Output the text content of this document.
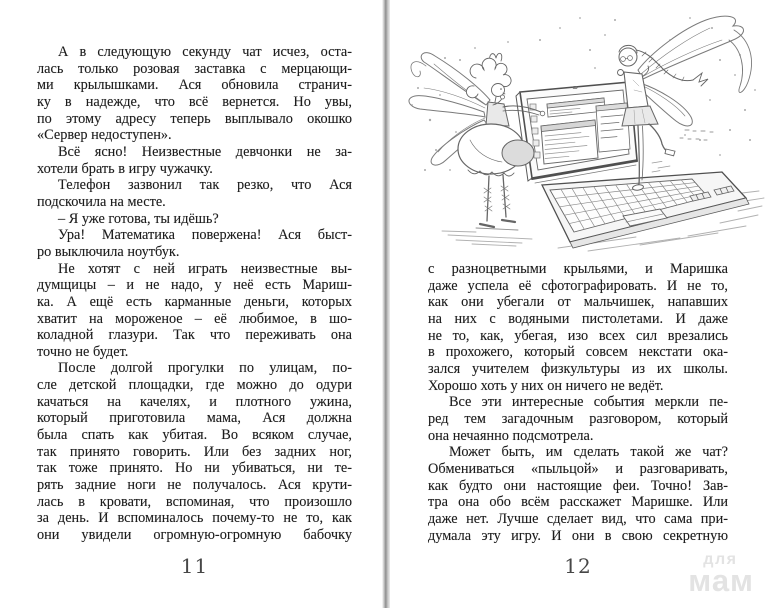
А в следующую секунду чат исчез, оста-
лась только розовая заставка с мерцающи-
ми крылышками. Ася обновила странич-
ку в надежде, что всё вернется. Но увы,
по этому адресу теперь выплывало окошко
«Сервер недоступен».
Всё ясно! Неизвестные девчонки не за-
хотели брать в игру чужачку.
Телефон зазвонил так резко, что Ася
подскочила на месте.
– Я уже готова, ты идёшь?
Ура! Математика повержена! Ася быст-
ро выключила ноутбук.
Не хотят с ней играть неизвестные вы-
думщицы – и не надо, у неё есть Мариш-
ка. А ещё есть карманные деньги, которых
хватит на мороженое – её любимое, в шо-
коладной глазури. Так что переживать она
точно не будет.
После долгой прогулки по улицам, по-
сле детской площадки, где можно до одури
качаться на качелях, и плотного ужина,
который приготовила мама, Ася должна
была спать как убитая. Во всяком случае,
так принято говорить. Или без задних ног,
так тоже принято. Но ни убиваться, ни те-
рять задние ноги не получалось. Ася крути-
лась в кровати, вспоминая, что произошло
за день. И вспоминалось почему-то не то, как
они увидели огромную-огромную бабочку
11
с разноцветными крыльями, и Маришка
даже успела её сфотографировать. И не то,
как они убегали от мальчишек, напавших
на них с водяными пистолетами. И даже
не то, как, убегая, изо всех сил врезались
в прохожего, который совсем некстати ока-
зался учителем физкультуры из их школы.
Хорошо хоть у них он ничего не ведёт.
Все эти интересные события меркли пе-
ред тем загадочным разговором, который
она нечаянно подсмотрела.
Может быть, им сделать такой же чат?
Обмениваться «пыльцой» и разговаривать,
как будто они настоящие феи. Точно! Зав-
тра она обо всём расскажет Маришке. Или
даже нет. Лучше сделает вид, что сама при-
думала эту игру. И они в свою секретную
12	для
мам
